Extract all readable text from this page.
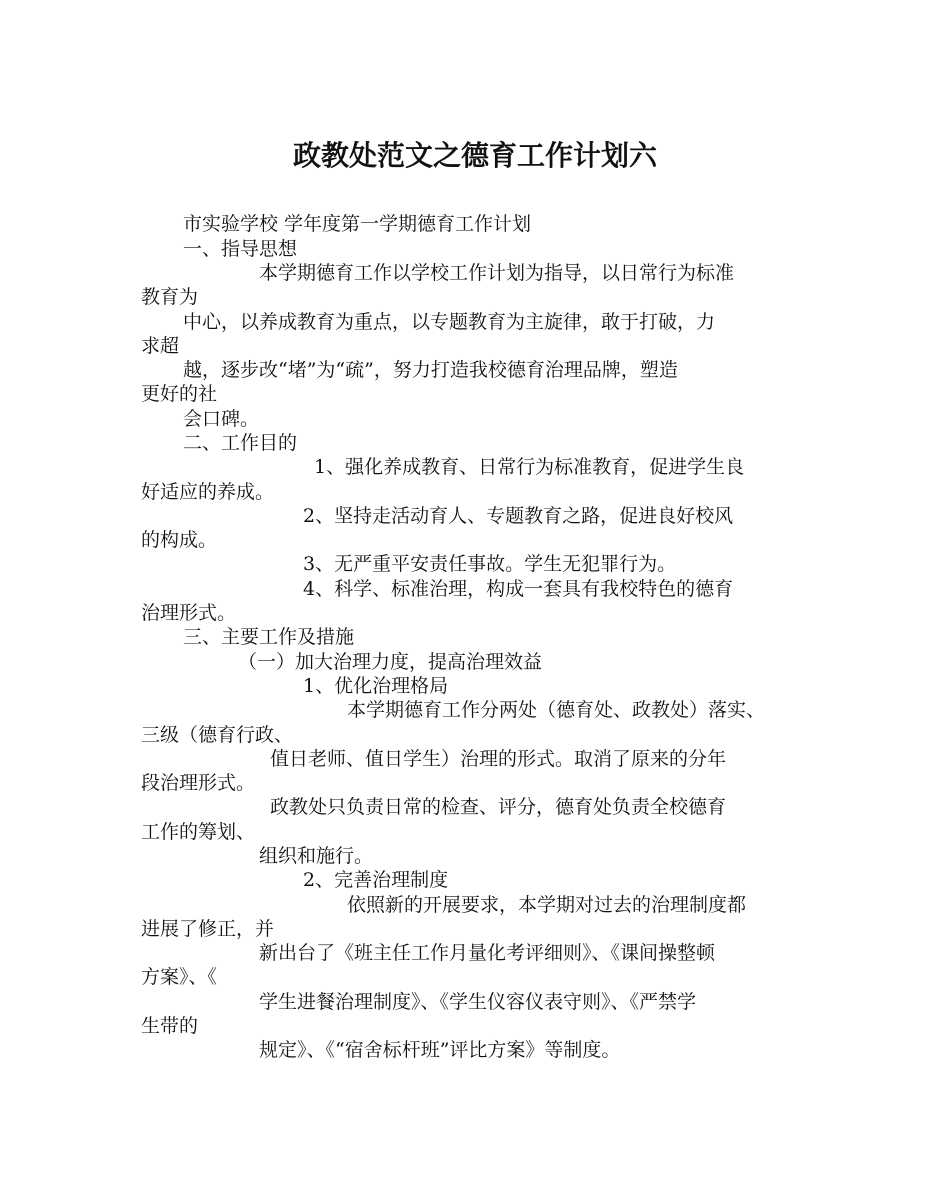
政教处范文之德育工作计划六

市实验学校 学年度第一学期德育工作计划

一、指导思想

本学期德育工作以学校工作计划为指导，以日常行为标准

教育为

中心，以养成教育为重点，以专题教育为主旋律，敢于打破，力

求超

越，逐步改“堵”为“疏”，努力打造我校德育治理品牌，塑造

更好的社

会口碑。

二、工作目的

1、强化养成教育、日常行为标准教育，促进学生良

好适应的养成。

2、坚持走活动育人、专题教育之路，促进良好校风

的构成。

3、无严重平安责任事故。学生无犯罪行为。

4、科学、标准治理，构成一套具有我校特色的德育

治理形式。

三、主要工作及措施

（一）加大治理力度，提高治理效益

1、优化治理格局

本学期德育工作分两处（德育处、政教处）落实、

三级（德育行政、

值日老师、值日学生）治理的形式。取消了原来的分年

段治理形式。

政教处只负责日常的检查、评分，德育处负责全校德育

工作的筹划、

组织和施行。

2、完善治理制度

依照新的开展要求，本学期对过去的治理制度都

进展了修正，并

新出台了《班主任工作月量化考评细则》、《课间操整顿

方案》、《

学生进餐治理制度》、《学生仪容仪表守则》、《严禁学

生带的

规定》、《“宿舍标杆班”评比方案》等制度。
